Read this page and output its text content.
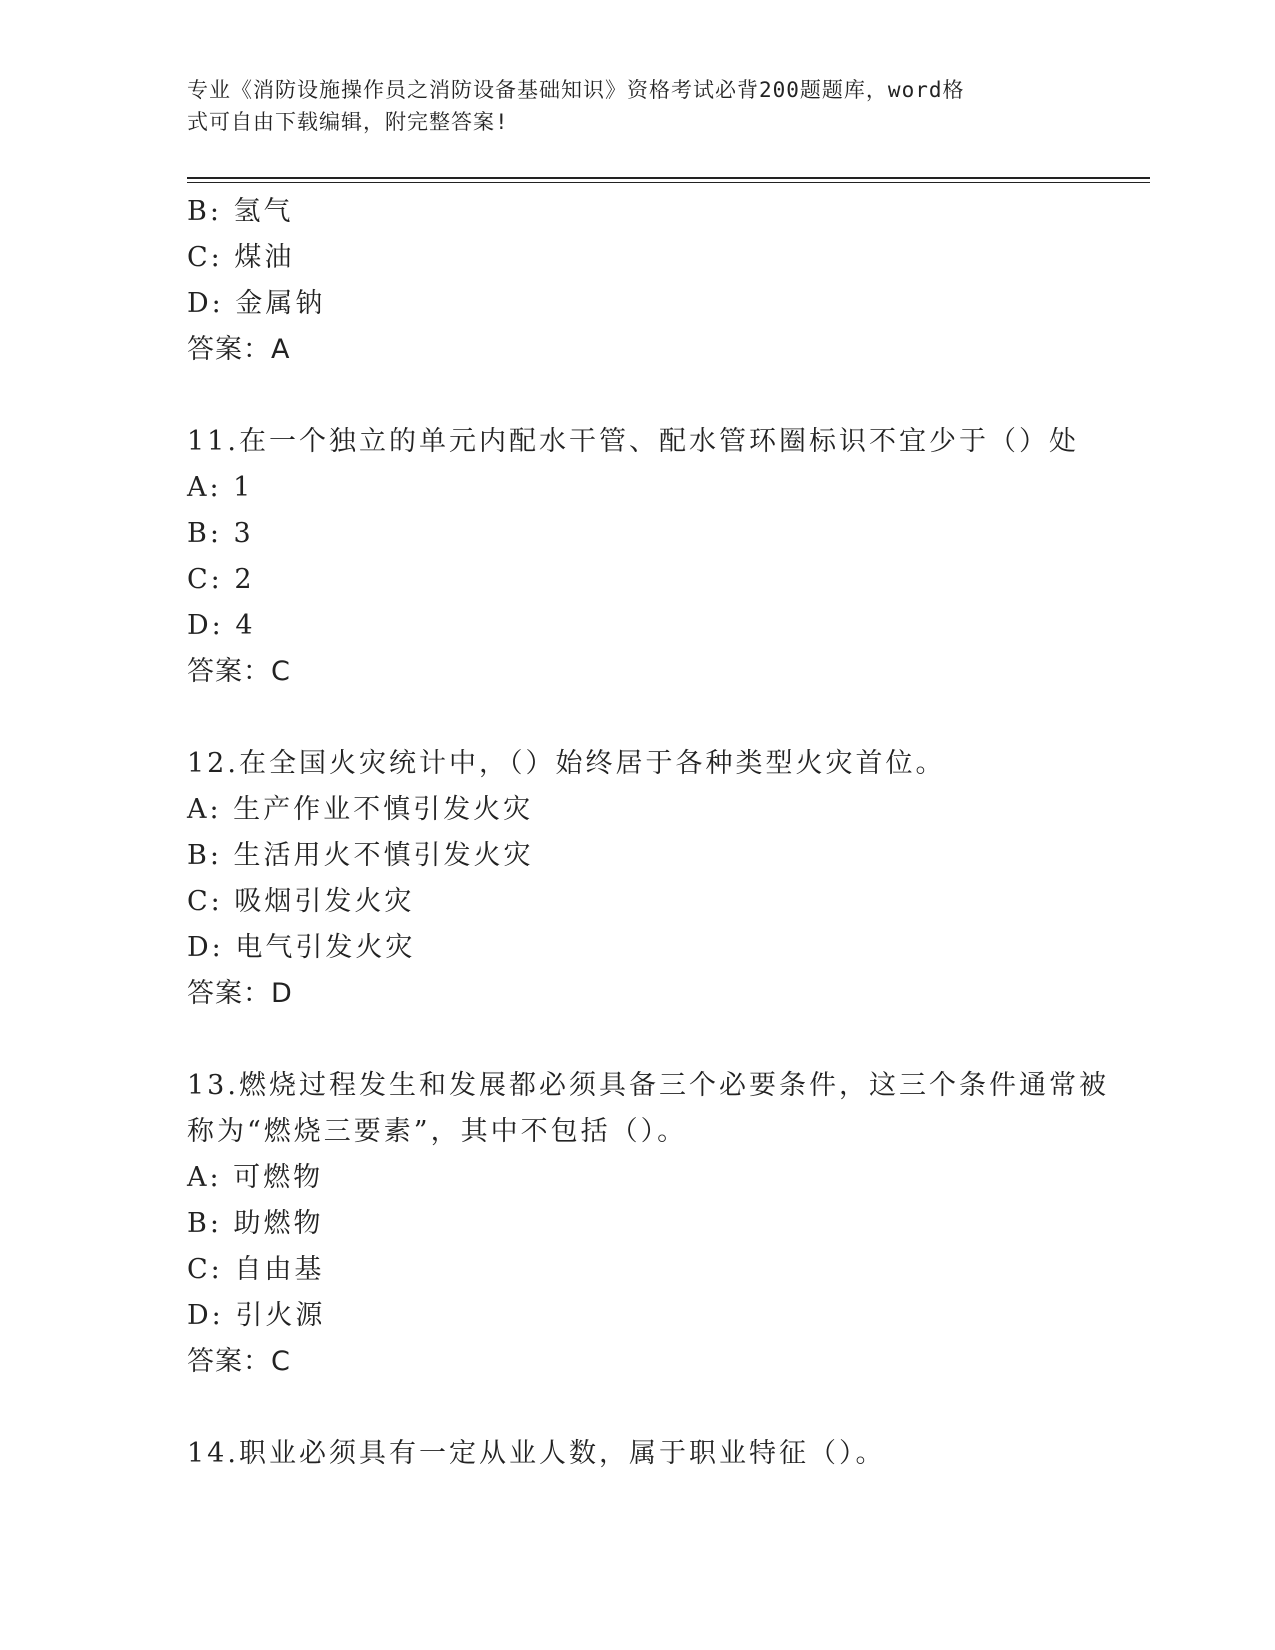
专业《消防设施操作员之消防设备基础知识》资格考试必背200题题库，word格
式可自由下载编辑，附完整答案!
B: 氢气
C: 煤油
D: 金属钠
答案：A
11.在一个独立的单元内配水干管、配水管环圈标识不宜少于（）处
A: 1
B: 3
C: 2
D: 4
答案：C
12.在全国火灾统计中，（）始终居于各种类型火灾首位。
A: 生产作业不慎引发火灾
B: 生活用火不慎引发火灾
C: 吸烟引发火灾
D: 电气引发火灾
答案：D
13.燃烧过程发生和发展都必须具备三个必要条件，这三个条件通常被
称为“燃烧三要素”，其中不包括（）。
A: 可燃物
B: 助燃物
C: 自由基
D: 引火源
答案：C
14.职业必须具有一定从业人数，属于职业特征（）。
